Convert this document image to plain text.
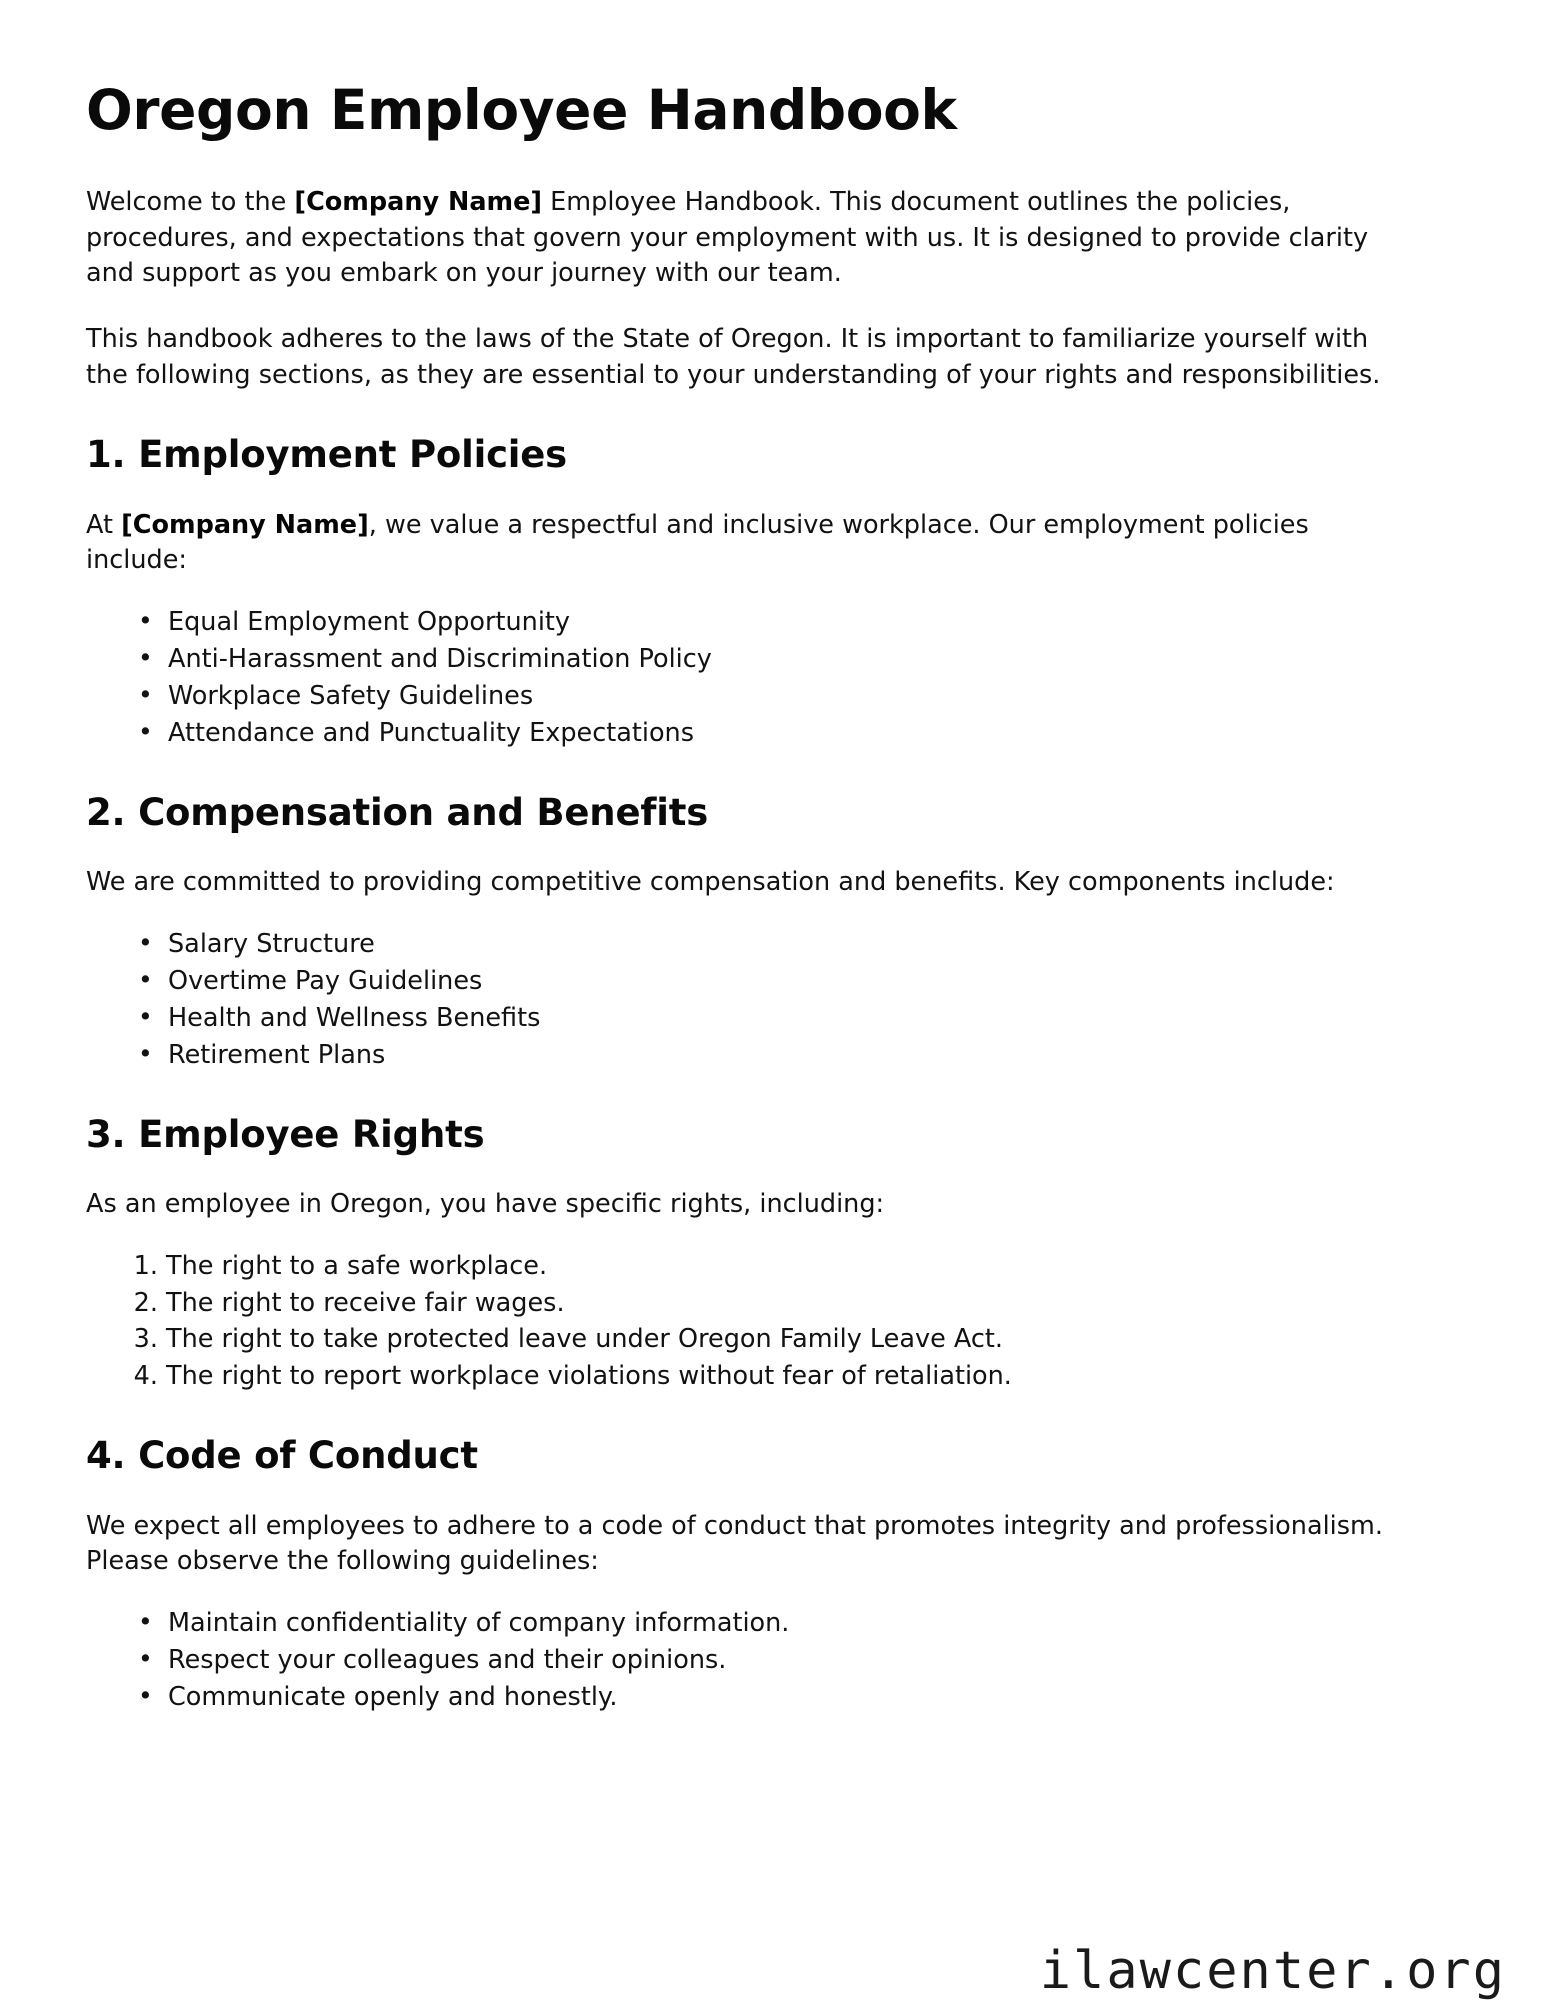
Oregon Employee Handbook

Welcome to the [Company Name] Employee Handbook. This document outlines the policies, procedures, and expectations that govern your employment with us. It is designed to provide clarity and support as you embark on your journey with our team.

This handbook adheres to the laws of the State of Oregon. It is important to familiarize yourself with the following sections, as they are essential to your understanding of your rights and responsibilities.

1. Employment Policies

At [Company Name], we value a respectful and inclusive workplace. Our employment policies include:

• Equal Employment Opportunity
• Anti-Harassment and Discrimination Policy
• Workplace Safety Guidelines
• Attendance and Punctuality Expectations
2. Compensation and Benefits

We are committed to providing competitive compensation and benefits. Key components include:

• Salary Structure
• Overtime Pay Guidelines
• Health and Wellness Benefits
• Retirement Plans
3. Employee Rights

As an employee in Oregon, you have specific rights, including:

The right to a safe workplace.
The right to receive fair wages.
The right to take protected leave under Oregon Family Leave Act.
The right to report workplace violations without fear of retaliation.
4. Code of Conduct

We expect all employees to adhere to a code of conduct that promotes integrity and professionalism. Please observe the following guidelines:

• Maintain confidentiality of company information.
• Respect your colleagues and their opinions.
• Communicate openly and honestly.
ilawcenter.org
